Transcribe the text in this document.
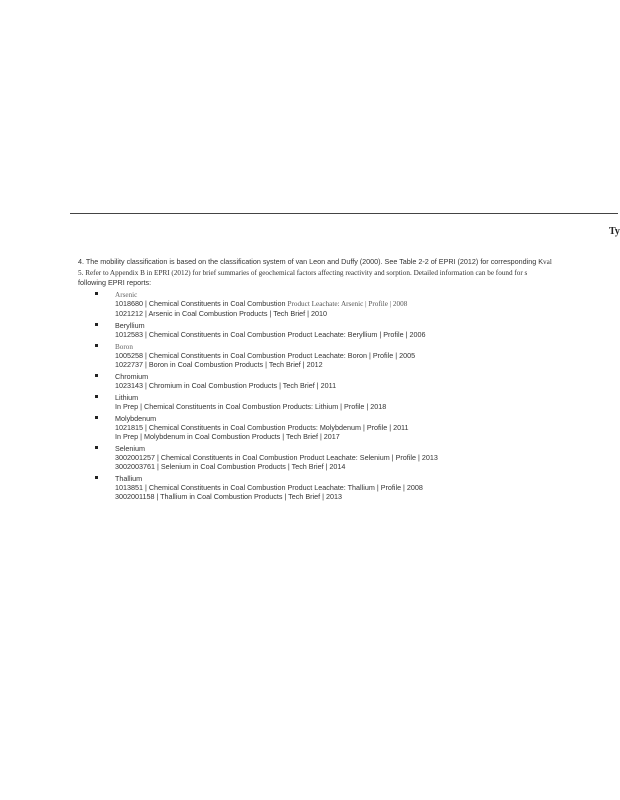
Ty
4. The mobility classification is based on the classification system of van Leon and Duffy (2000). See Table 2-2 of EPRI (2012) for corresponding Kval
5. Refer to Appendix B in EPRI (2012) for brief summaries of geochemical factors affecting reactivity and sorption. Detailed information can be found for s
following EPRI reports:
Arsenic
1018680 | Chemical Constituents in Coal Combustion Product Leachate: Arsenic | Profile | 2008
1021212 | Arsenic in Coal Combustion Products | Tech Brief | 2010
Beryllium
1012583 | Chemical Constituents in Coal Combustion Product Leachate: Beryllium | Profile | 2006
Boron
1005258 | Chemical Constituents in Coal Combustion Product Leachate: Boron | Profile | 2005
1022737 | Boron in Coal Combustion Products | Tech Brief | 2012
Chromium
1023143 | Chromium in Coal Combustion Products | Tech Brief | 2011
Lithium
In Prep | Chemical Constituents in Coal Combustion Products: Lithium | Profile | 2018
Molybdenum
1021815 | Chemical Constituents in Coal Combustion Products: Molybdenum | Profile | 2011
In Prep | Molybdenum in Coal Combustion Products | Tech Brief | 2017
Selenium
3002001257 | Chemical Constituents in Coal Combustion Product Leachate: Selenium | Profile | 2013
3002003761 | Selenium in Coal Combustion Products | Tech Brief | 2014
Thallium
1013851 | Chemical Constituents in Coal Combustion Product Leachate: Thallium | Profile | 2008
3002001158 | Thallium in Coal Combustion Products | Tech Brief | 2013
